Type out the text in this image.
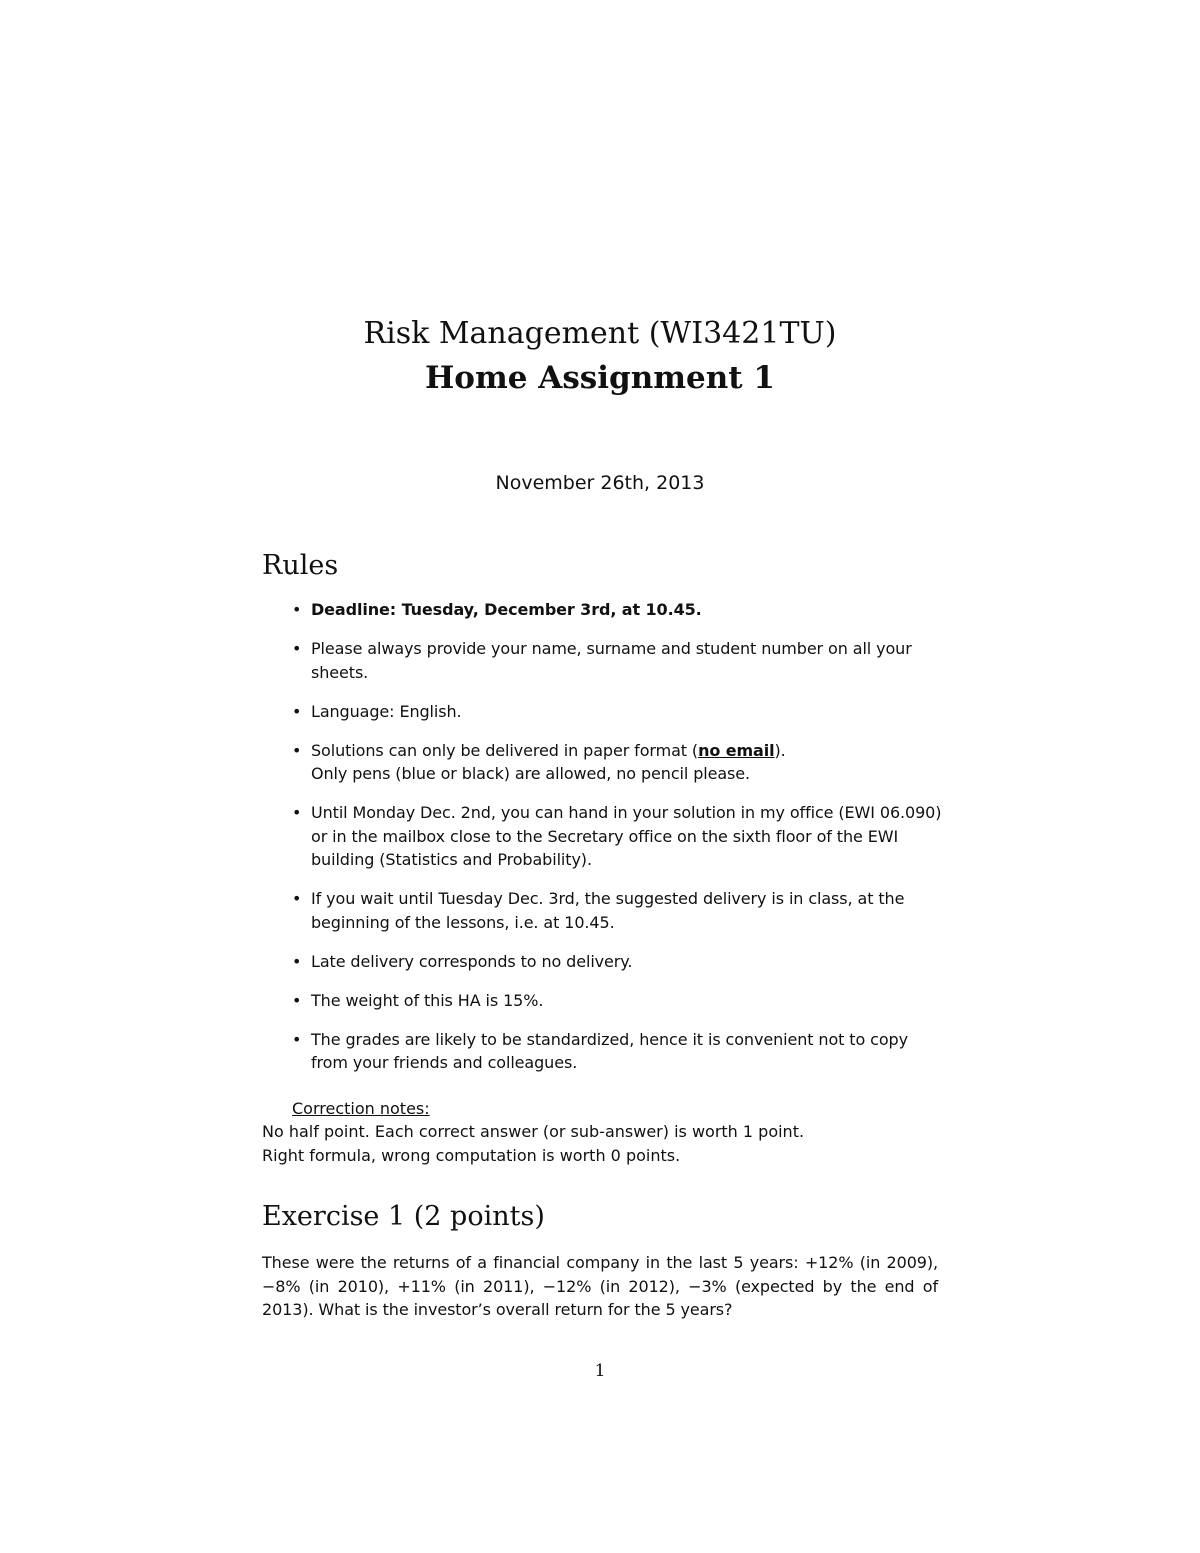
Risk Management (WI3421TU)
Home Assignment 1
November 26th, 2013
Rules
• Deadline: Tuesday, December 3rd, at 10.45.
• Please always provide your name, surname and student number on all your sheets.
• Language: English.
• Solutions can only be delivered in paper format (no email).
Only pens (blue or black) are allowed, no pencil please.
• Until Monday Dec. 2nd, you can hand in your solution in my office (EWI 06.090) or in the mailbox close to the Secretary office on the sixth floor of the EWI building (Statistics and Probability).
• If you wait until Tuesday Dec. 3rd, the suggested delivery is in class, at the beginning of the lessons, i.e. at 10.45.
• Late delivery corresponds to no delivery.
• The weight of this HA is 15%.
• The grades are likely to be standardized, hence it is convenient not to copy from your friends and colleagues.
Correction notes:
No half point. Each correct answer (or sub-answer) is worth 1 point.
Right formula, wrong computation is worth 0 points.
Exercise 1 (2 points)
These were the returns of a financial company in the last 5 years: +12% (in 2009), −8% (in 2010), +11% (in 2011), −12% (in 2012), −3% (expected by the end of 2013). What is the investor’s overall return for the 5 years?
1
